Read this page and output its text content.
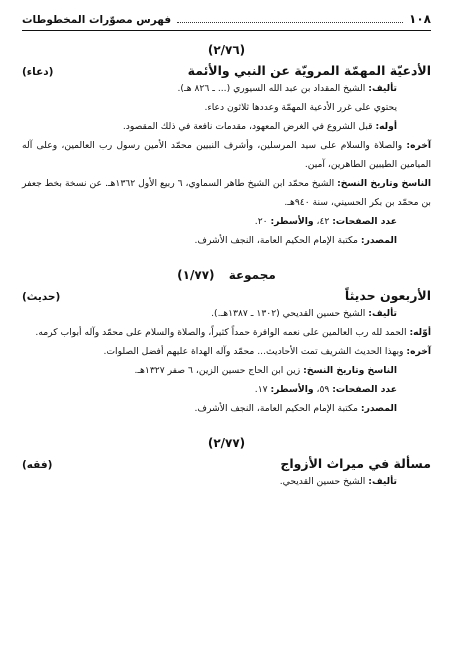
١٠٨
فهرس مصوّرات المخطوطات
(٢/٧٦)
الأدعيّة المهمّة المرويّة عن النبي والأئمة
(دعاء)

تأليف: الشيخ المقداد بن عبد الله السيوري (... ـ ٨٢٦ هـ).

يحتوي على غرر الأدعية المهمّة وعددها ثلاثون دعاء.

أوله: قبل الشروع في الغرض المعهود، مقدمات نافعة في ذلك المقصود.

آخره: والصلاة والسلام على سيد المرسلين، وأشرف النبيين محمّد الأمين رسول رب العالمين، وعلى آله الميامين الطيبين الطاهرين، آمين.

الناسخ وتاريخ النسخ: الشيخ محمّد ابن الشيخ طاهر السماوي، ٦ ربيع الأول ١٣٦٢هـ. عن نسخة بخط جعفر بن محمّد بن بكر الحسيني، سنة ٩٤٠هـ.

عدد الصفحات: ٤٢، والأسطر: ٢٠.

المصدر: مكتبة الإمام الحكيم العامة، النجف الأشرف.

مجموعة (١/٧٧)
الأربعون حديثاً
(حديث)

تأليف: الشيخ حسين القديحي (١٣٠٢ ـ ١٣٨٧هـ.).

أوّله: الحمد لله رب العالمين على نعمه الوافرة حمداً كثيراً، والصلاة والسلام على محمّد وآله أبواب كرمه.

آخره: وبهذا الحديث الشريف تمت الأحاديث... محمّد وآله الهداة عليهم أفضل الصلوات.

الناسخ وتاريخ النسخ: زين ابن الحاج حسين الزين، ٦ صفر ١٣٢٧هـ.

عدد الصفحات: ٥٩، والأسطر: ١٧.

المصدر: مكتبة الإمام الحكيم العامة، النجف الأشرف.

(٢/٧٧)
مسألة في ميراث الأزواج
(فقه)

تأليف: الشيخ حسين القديحي.
